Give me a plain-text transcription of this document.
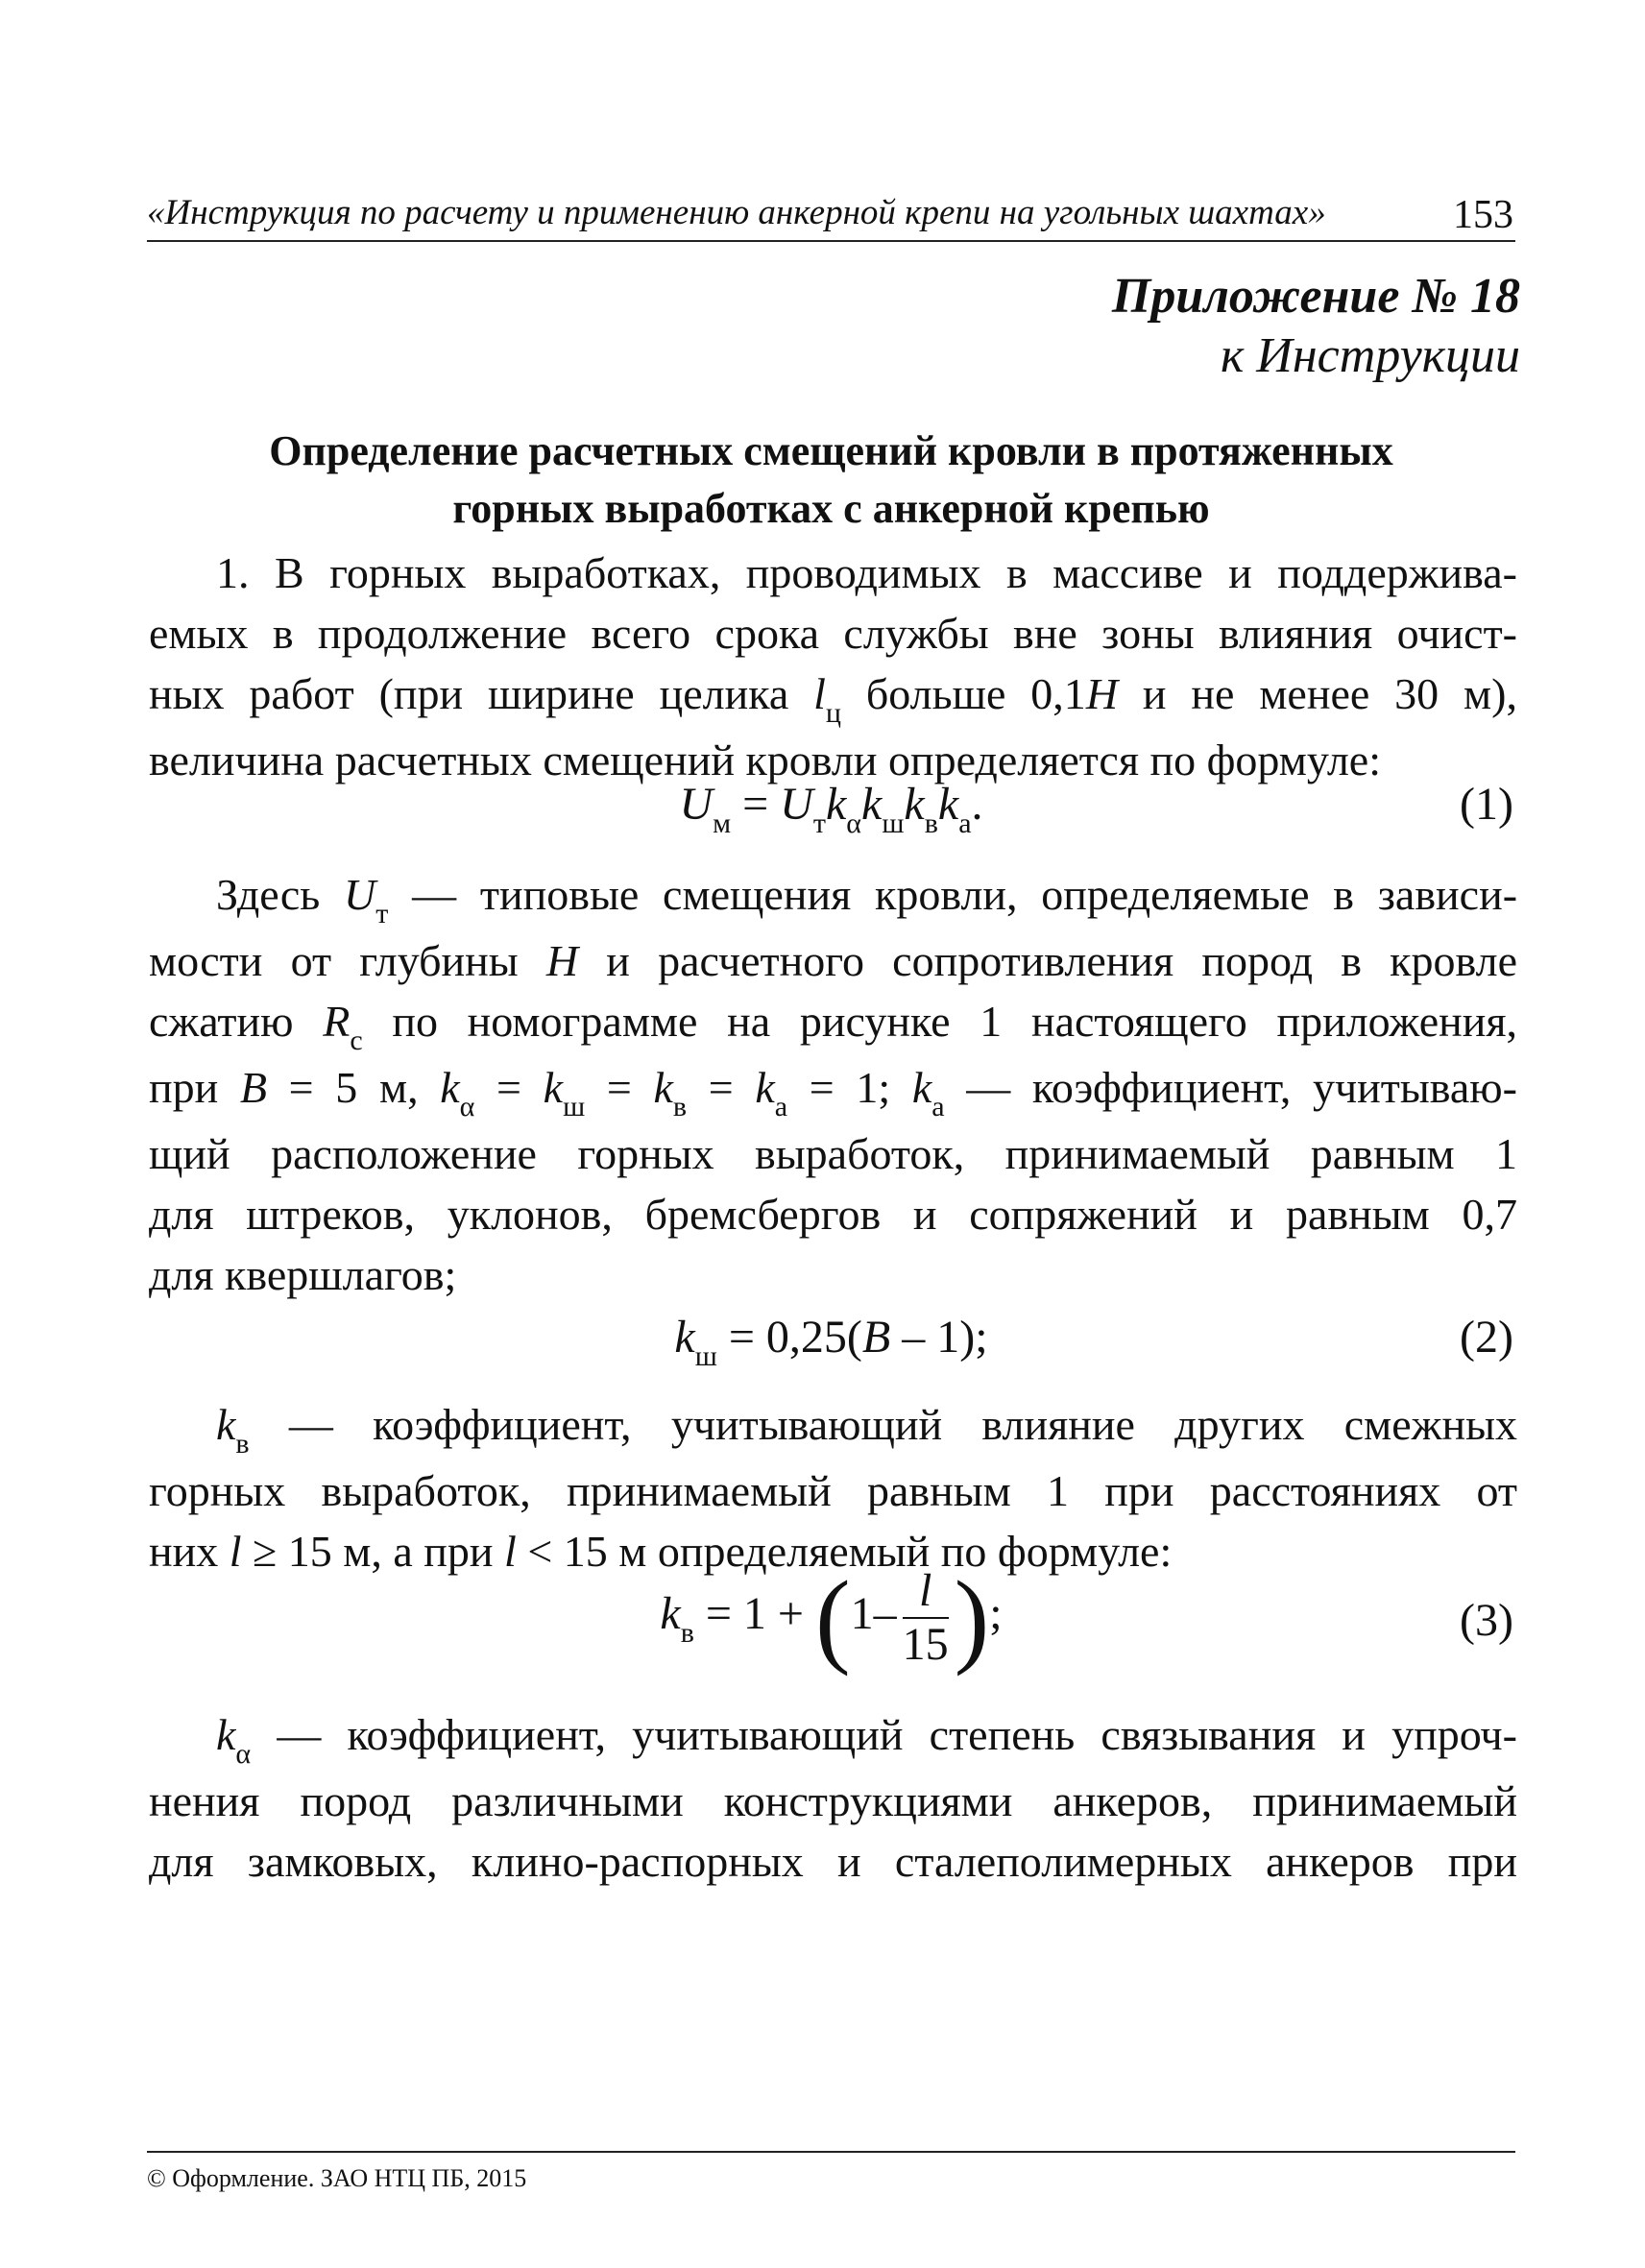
«Инструкция по расчету и применению анкерной крепи на угольных шахтах»	153
Приложение № 18
к Инструкции
Определение расчетных смещений кровли в протяженных
горных выработках с анкерной крепью
1. В горных выработках, проводимых в массиве и поддержива-
емых в продолжение всего срока службы вне зоны влияния очист-
ных работ (при ширине целика $l_ц$ больше 0,1H и не менее 30 м),
величина расчетных смещений кровли определяется по формуле:
$U_м = U_тk_\alpha k_шk_вk_а$.	(1)
Здесь $U_т$ — типовые смещения кровли, определяемые в зависи-
мости от глубины H и расчетного сопротивления пород в кровле
сжатию $R_с$ по номограмме на рисунке 1 настоящего приложения,
при B = 5 м, $k_\alpha = k_ш = k_в = k_а = 1$; $k_а$ — коэффициент, учитываю-
щий расположение горных выработок, принимаемый равным 1
для штреков, уклонов, бремсбергов и сопряжений и равным 0,7
для квершлагов;
$k_ш = 0,25(B - 1)$;	(2)
$k_в$ — коэффициент, учитывающий влияние других смежных
горных выработок, принимаемый равным 1 при расстояниях от
них l ≥ 15 м, а при l < 15 м определяемый по формуле:
$k_в = 1 + (1- \frac{l}{15}$ );	(3)
$k_\alpha$ — коэффициент, учитывающий степень связывания и упроч-
нения пород различными конструкциями анкеров, принимаемый
для замковых, клино-распорных и сталеполимерных анкеров при
© Оформление. ЗАО НТЦ ПБ, 2015
